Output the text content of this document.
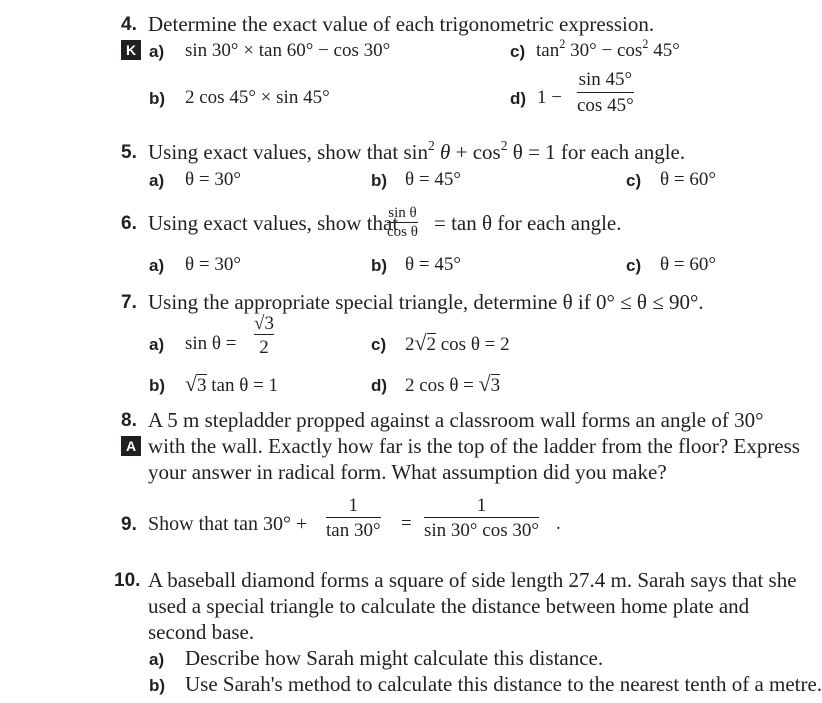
4. Determine the exact value of each trigonometric expression.
K a) sin 30° × tan 60° − cos 30°
b) 2 cos 45° × sin 45°
c) $\tan^2 30^\circ - \cos^2 45^\circ$
d) 1 −
sin 45°
cos 45°
5. Using exact values, show that $\sin^2 \theta + \cos^2 \theta = 1$ for each angle.
a) θ = 30°	b) θ = 45°	c) θ = 60°
6. Using exact values, show that
sin θ
cos θ = tan θ for each angle.
a) θ = 30°	b) θ = 45°	c) θ = 60°
7. Using the appropriate special triangle, determine θ if 0° ≤ θ ≤ 90°.
a) sin θ =
√3
2
b) √3 tan θ = 1
c) 2√2 cos θ = 2
d) 2 cos θ = √3
8. A 5 m stepladder propped against a classroom wall forms an angle of 30°
A with the wall. Exactly how far is the top of the ladder from the floor? Express
your answer in radical form. What assumption did you make?
9. Show that tan 30° +
1
tan 30° =
1
sin 30° cos 30° .
10. A baseball diamond forms a square of side length 27.4 m. Sarah says that she
used a special triangle to calculate the distance between home plate and
second base.
a) Describe how Sarah might calculate this distance.
b) Use Sarah's method to calculate this distance to the nearest tenth of a metre.
